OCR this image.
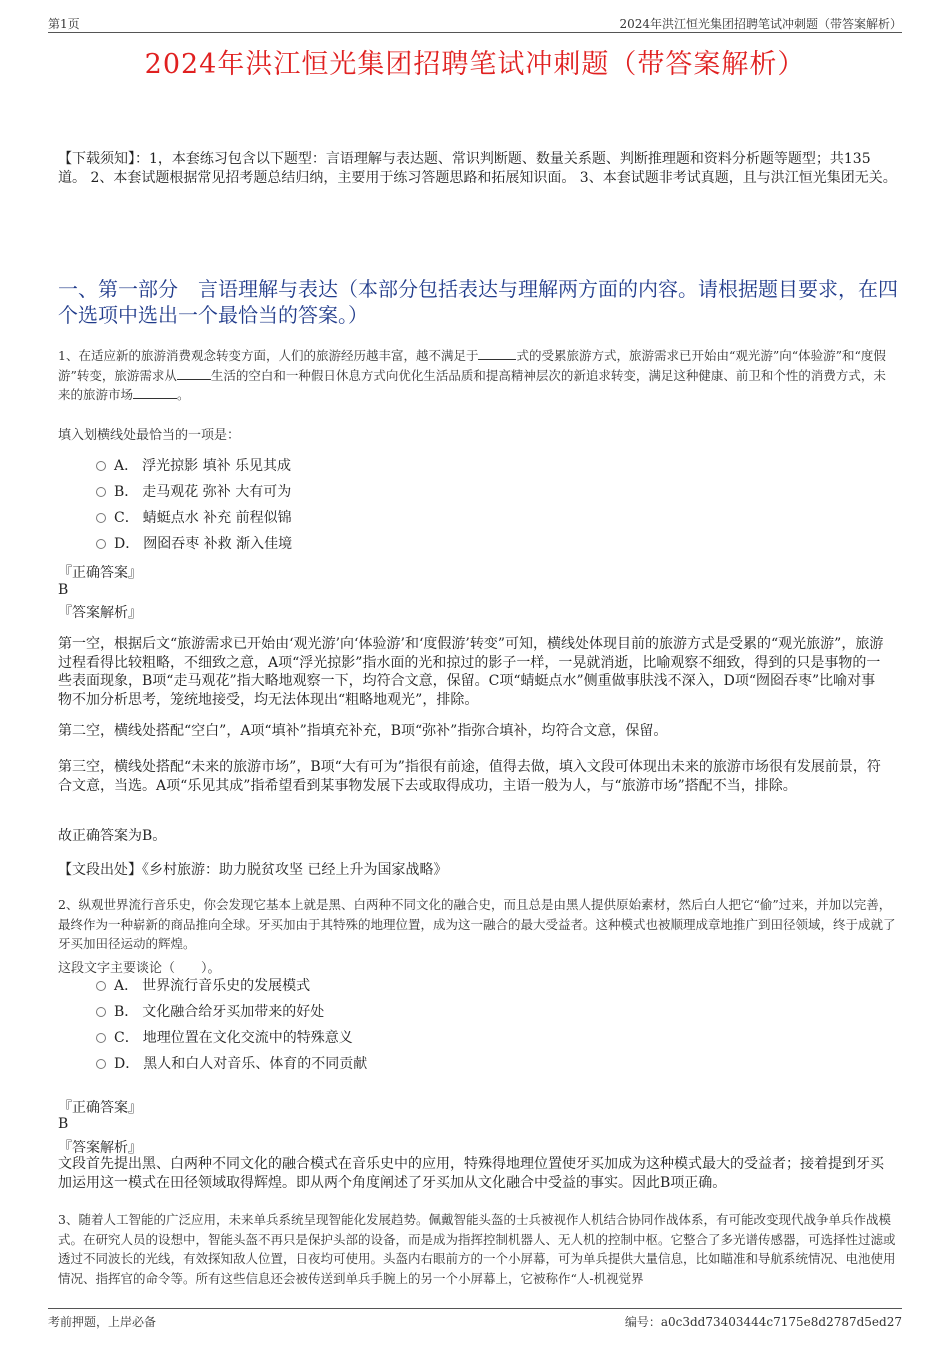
第1页	2024年洪江恒光集团招聘笔试冲刺题（带答案解析）
2024年洪江恒光集团招聘笔试冲刺题（带答案解析）
【下载须知】：1，本套练习包含以下题型：言语理解与表达题、常识判断题、数量关系题、判断推理题和资料分析题等题型；共135道。 2、本套试题根据常见招考题总结归纳，主要用于练习答题思路和拓展知识面。 3、本套试题非考试真题，且与洪江恒光集团无关。
一、第一部分　言语理解与表达（本部分包括表达与理解两方面的内容。请根据题目要求，在四个选项中选出一个最恰当的答案。）
1、在适应新的旅游消费观念转变方面，人们的旅游经历越丰富，越不满足于	式的受累旅游方式，旅游需求已开始由“观光游”向“体验游”和“度假游”转变，旅游需求从	生活的空白和一种假日休息方式向优化生活品质和提高精神层次的新追求转变，满足这种健康、前卫和个性的消费方式，未来的旅游市场	。
填入划横线处最恰当的一项是：
A． 浮光掠影 填补 乐见其成
B． 走马观花 弥补 大有可为
C． 蜻蜓点水 补充 前程似锦
D． 囫囵吞枣 补救 渐入佳境
『正确答案』
B
『答案解析』
第一空，根据后文“旅游需求已开始由‘观光游’向‘体验游’和‘度假游’转变”可知，横线处体现目前的旅游方式是受累的“观光旅游”，旅游过程看得比较粗略，不细致之意，A项“浮光掠影”指水面的光和掠过的影子一样，一晃就消逝，比喻观察不细致，得到的只是事物的一些表面现象，B项“走马观花”指大略地观察一下，均符合文意，保留。C项“蜻蜓点水”侧重做事肤浅不深入，D项“囫囵吞枣”比喻对事物不加分析思考，笼统地接受，均无法体现出“粗略地观光”，排除。
第二空，横线处搭配“空白”，A项“填补”指填充补充，B项“弥补”指弥合填补，均符合文意，保留。
第三空，横线处搭配“未来的旅游市场”，B项“大有可为”指很有前途，值得去做，填入文段可体现出未来的旅游市场很有发展前景，符合文意，当选。A项“乐见其成”指希望看到某事物发展下去或取得成功，主语一般为人，与“旅游市场”搭配不当，排除。
故正确答案为B。
【文段出处】《乡村旅游：助力脱贫攻坚 已经上升为国家战略》
2、纵观世界流行音乐史，你会发现它基本上就是黑、白两种不同文化的融合史，而且总是由黑人提供原始素材，然后白人把它“偷”过来，并加以完善，最终作为一种崭新的商品推向全球。牙买加由于其特殊的地理位置，成为这一融合的最大受益者。这种模式也被顺理成章地推广到田径领域，终于成就了牙买加田径运动的辉煌。
这段文字主要谈论（　　）。
A． 世界流行音乐史的发展模式
B． 文化融合给牙买加带来的好处
C． 地理位置在文化交流中的特殊意义
D． 黑人和白人对音乐、体育的不同贡献
『正确答案』
B
『答案解析』
文段首先提出黑、白两种不同文化的融合模式在音乐史中的应用，特殊得地理位置使牙买加成为这种模式最大的受益者；接着提到牙买加运用这一模式在田径领域取得辉煌。即从两个角度阐述了牙买加从文化融合中受益的事实。因此B项正确。
3、随着人工智能的广泛应用，未来单兵系统呈现智能化发展趋势。佩戴智能头盔的士兵被视作人机结合协同作战体系，有可能改变现代战争单兵作战模式。在研究人员的设想中，智能头盔不再只是保护头部的设备，而是成为指挥控制机器人、无人机的控制中枢。它整合了多光谱传感器，可选择性过滤或透过不同波长的光线，有效探知敌人位置，日夜均可使用。头盔内右眼前方的一个小屏幕，可为单兵提供大量信息，比如瞄准和导航系统情况、电池使用情况、指挥官的命令等。所有这些信息还会被传送到单兵手腕上的另一个小屏幕上，它被称作“人-机视觉界
考前押题，上岸必备	编号：a0c3dd73403444c7175e8d2787d5ed27
